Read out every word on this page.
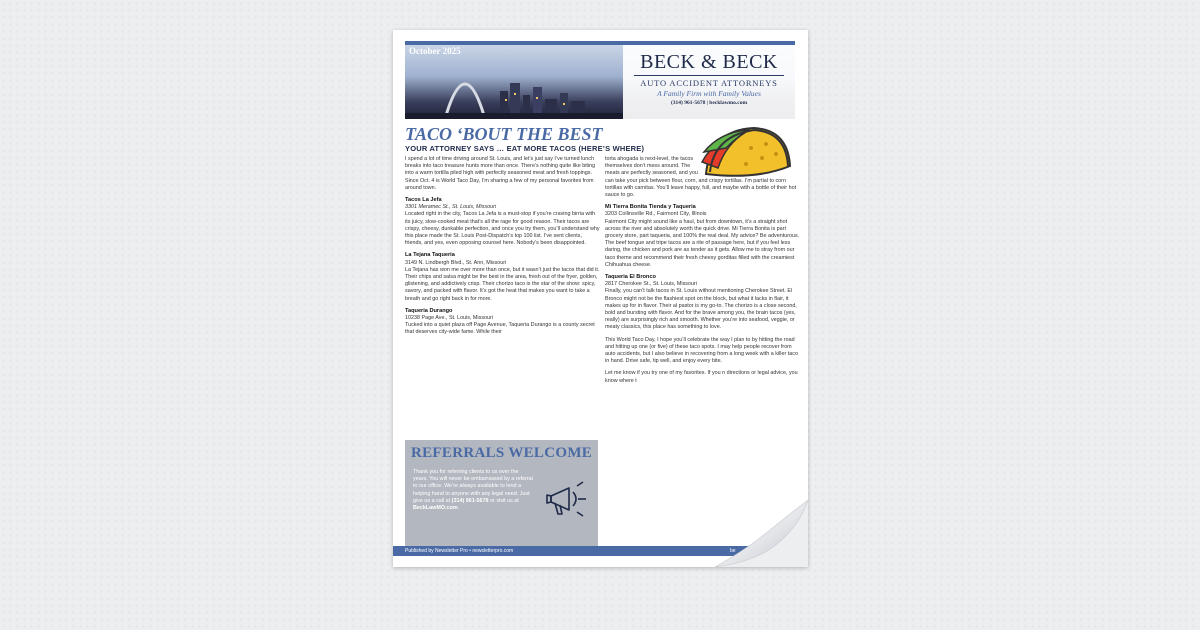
October 2025	BECK & BECK
AUTO ACCIDENT ATTORNEYS
A Family Firm with Family Values
(314) 961-5678 | becklawmo.com
TACO ‘BOUT THE BEST
YOUR ATTORNEY SAYS … EAT MORE TACOS (HERE’S WHERE)

I spend a lot of time driving around St. Louis, and let’s just say I’ve turned lunch breaks into taco treasure hunts more than once. There’s nothing quite like biting into a warm tortilla piled high with perfectly seasoned meat and fresh toppings. Since Oct. 4 is World Taco Day, I’m sharing a few of my personal favorites from around town.

Tacos La Jefa
3301 Meramec St., St. Louis, Missouri

Located right in the city, Tacos La Jefa is a must-stop if you’re craving birria with its juicy, slow-cooked meat that’s all the rage for good reason. Their tacos are crispy, cheesy, dunkable perfection, and once you try them, you’ll understand why this place made the St. Louis Post-Dispatch’s top 100 list. I’ve sent clients, friends, and yes, even opposing counsel here. Nobody’s been disappointed.

La Tejana Taqueria
3149 N. Lindbergh Blvd., St. Ann, Missouri

La Tejana has won me over more than once, but it wasn’t just the tacos that did it. Their chips and salsa might be the best in the area, fresh out of the fryer, golden, glistening, and addictively crisp. Their chorizo taco is the star of the show: spicy, savory, and packed with flavor. It’s got the heat that makes you want to take a breath and go right back in for more.

Taqueria Durango
10238 Page Ave., St. Louis, Missouri

Tucked into a quiet plaza off Page Avenue, Taqueria Durango is a county secret that deserves city-wide fame. While their

torta ahogada is next-level, the tacos themselves don’t mess around. The meats are perfectly seasoned, and you

can take your pick between flour, corn, and crispy tortillas. I’m partial to corn tortillas with carnitas. You’ll leave happy, full, and maybe with a bottle of their hot sauce to go.

Mi Tierra Bonita Tienda y Taqueria
3203 Collinsville Rd., Fairmont City, Illinois

Fairmont City might sound like a haul, but from downtown, it’s a straight shot across the river and absolutely worth the quick drive. Mi Tierra Bonita is part grocery store, part taqueria, and 100% the real deal. My advice? Be adventurous. The beef tongue and tripe tacos are a rite of passage here, but if you feel less daring, the chicken and pork are as tender as it gets. Allow me to stray from our taco theme and recommend their fresh cheesy gorditas filled with the creamiest Chihuahua cheese.

Taqueria El Bronco
2817 Cherokee St., St. Louis, Missouri

Finally, you can’t talk tacos in St. Louis without mentioning Cherokee Street. El Bronco might not be the flashiest spot on the block, but what it lacks in flair, it makes up for in flavor. Their al pastor is my go-to. The chorizo is a close second, bold and bursting with flavor. And for the brave among you, the brain tacos (yes, really) are surprisingly rich and smooth. Whether you’re into seafood, veggie, or meaty classics, this place has something to love.

This World Taco Day, I hope you’ll celebrate the way I plan to by hitting the road and hitting up one (or five) of these taco spots. I may help people recover from auto accidents, but I also believe in recovering from a long week with a killer taco in hand. Drive safe, tip well, and enjoy every bite.

Let me know if you try one of my favorites. If you n directions or legal advice, you know where t

REFERRALS WELCOME
Thank you for referring clients to us over the years. You will never be embarrassed by a referral to our office. We’re always available to lend a helping hand to anyone with any legal need. Just give us a call at (314) 961-5678 or visit us at BeckLawMO.com.
Published by Newsletter Pro • newsletterpro.com	be
